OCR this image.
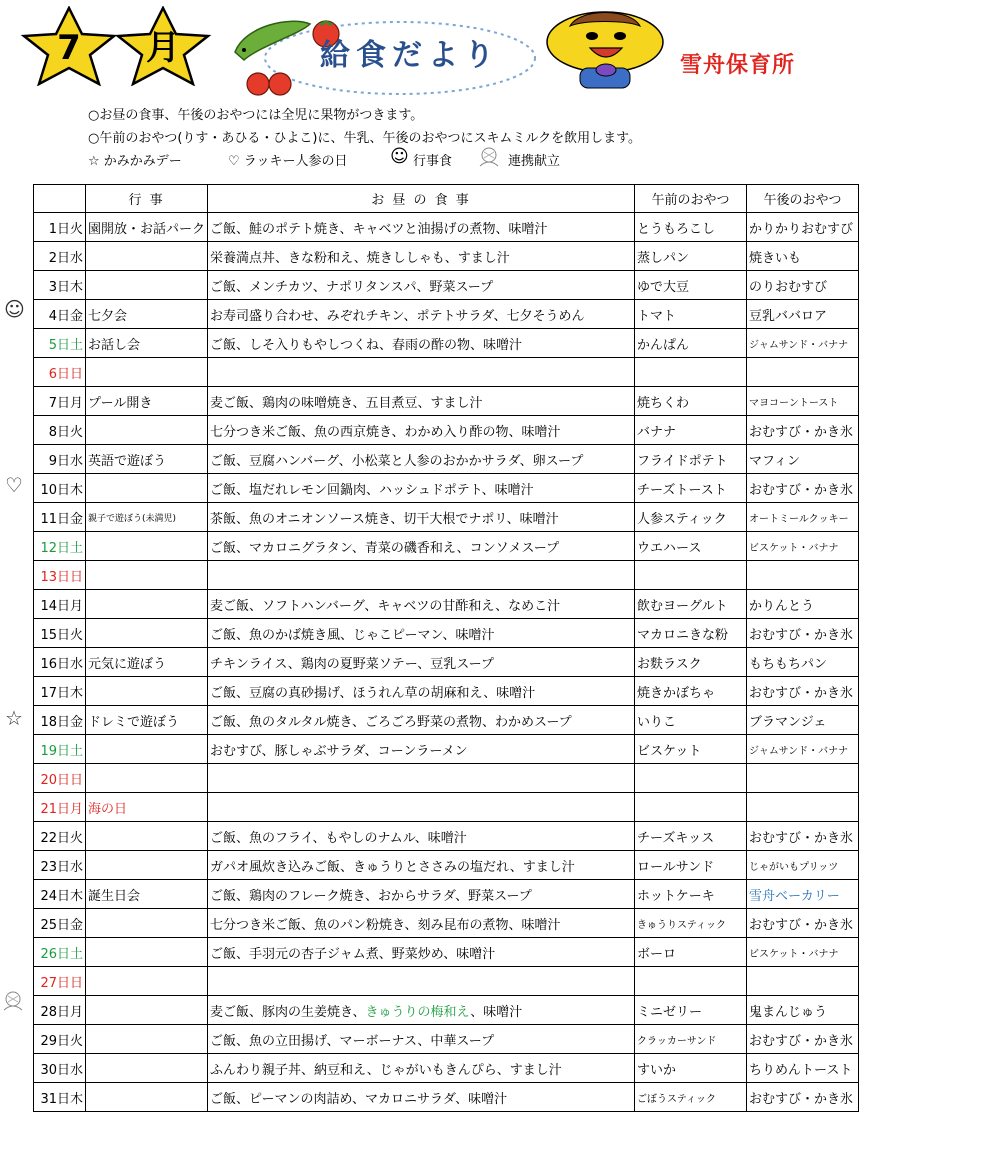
7	月	給食だより	雪舟保育所
○お昼の食事、午後のおやつには全児に果物がつきます。
○午前のおやつ(りす・あひる・ひよこ)に、牛乳、午後のおやつにスキムミルクを飲用します。
☆ かみかみデー	♡ ラッキー人参の日 ☺ 行事食	連携献立
☺
♡
☆
	行 事	お 昼 の 食 事	午前のおやつ	午後のおやつ
1日火	園開放・お話パーク	ご飯、鮭のポテト焼き、キャベツと油揚げの煮物、味噌汁	とうもろこし	かりかりおむすび
2日水		栄養満点丼、きな粉和え、焼きししゃも、すまし汁	蒸しパン	焼きいも
3日木		ご飯、メンチカツ、ナポリタンスパ、野菜スープ	ゆで大豆	のりおむすび
4日金	七夕会	お寿司盛り合わせ、みぞれチキン、ポテトサラダ、七夕そうめん	トマト	豆乳ババロア
5日土	お話し会	ご飯、しそ入りもやしつくね、春雨の酢の物、味噌汁	かんぱん	ジャムサンド・バナナ
6日日				
7日月	プール開き	麦ご飯、鶏肉の味噌焼き、五目煮豆、すまし汁	焼ちくわ	マヨコーントースト
8日火		七分つき米ご飯、魚の西京焼き、わかめ入り酢の物、味噌汁	バナナ	おむすび・かき氷
9日水	英語で遊ぼう	ご飯、豆腐ハンバーグ、小松菜と人参のおかかサラダ、卵スープ	フライドポテト	マフィン
10日木		ご飯、塩だれレモン回鍋肉、ハッシュドポテト、味噌汁	チーズトースト	おむすび・かき氷
11日金	親子で遊ぼう(未満児)	茶飯、魚のオニオンソース焼き、切干大根でナポリ、味噌汁	人参スティック	オートミールクッキー
12日土		ご飯、マカロニグラタン、青菜の磯香和え、コンソメスープ	ウエハース	ビスケット・バナナ
13日日				
14日月		麦ご飯、ソフトハンバーグ、キャベツの甘酢和え、なめこ汁	飲むヨーグルト	かりんとう
15日火		ご飯、魚のかば焼き風、じゃこピーマン、味噌汁	マカロニきな粉	おむすび・かき氷
16日水	元気に遊ぼう	チキンライス、鶏肉の夏野菜ソテー、豆乳スープ	お麩ラスク	もちもちパン
17日木		ご飯、豆腐の真砂揚げ、ほうれん草の胡麻和え、味噌汁	焼きかぼちゃ	おむすび・かき氷
18日金	ドレミで遊ぼう	ご飯、魚のタルタル焼き、ごろごろ野菜の煮物、わかめスープ	いりこ	ブラマンジェ
19日土		おむすび、豚しゃぶサラダ、コーンラーメン	ビスケット	ジャムサンド・バナナ
20日日				
21日月	海の日			
22日火		ご飯、魚のフライ、もやしのナムル、味噌汁	チーズキッス	おむすび・かき氷
23日水		ガパオ風炊き込みご飯、きゅうりとささみの塩だれ、すまし汁	ロールサンド	じゃがいもプリッツ
24日木	誕生日会	ご飯、鶏肉のフレーク焼き、おからサラダ、野菜スープ	ホットケーキ	雪舟ベーカリー
25日金		七分つき米ご飯、魚のパン粉焼き、刻み昆布の煮物、味噌汁	きゅうりスティック	おむすび・かき氷
26日土		ご飯、手羽元の杏子ジャム煮、野菜炒め、味噌汁	ボーロ	ビスケット・バナナ
27日日				
28日月		麦ご飯、豚肉の生姜焼き、きゅうりの梅和え、味噌汁	ミニゼリー	鬼まんじゅう
29日火		ご飯、魚の立田揚げ、マーボーナス、中華スープ	クラッカーサンド	おむすび・かき氷
30日水		ふんわり親子丼、納豆和え、じゃがいもきんぴら、すまし汁	すいか	ちりめんトースト
31日木		ご飯、ピーマンの肉詰め、マカロニサラダ、味噌汁	ごぼうスティック	おむすび・かき氷
